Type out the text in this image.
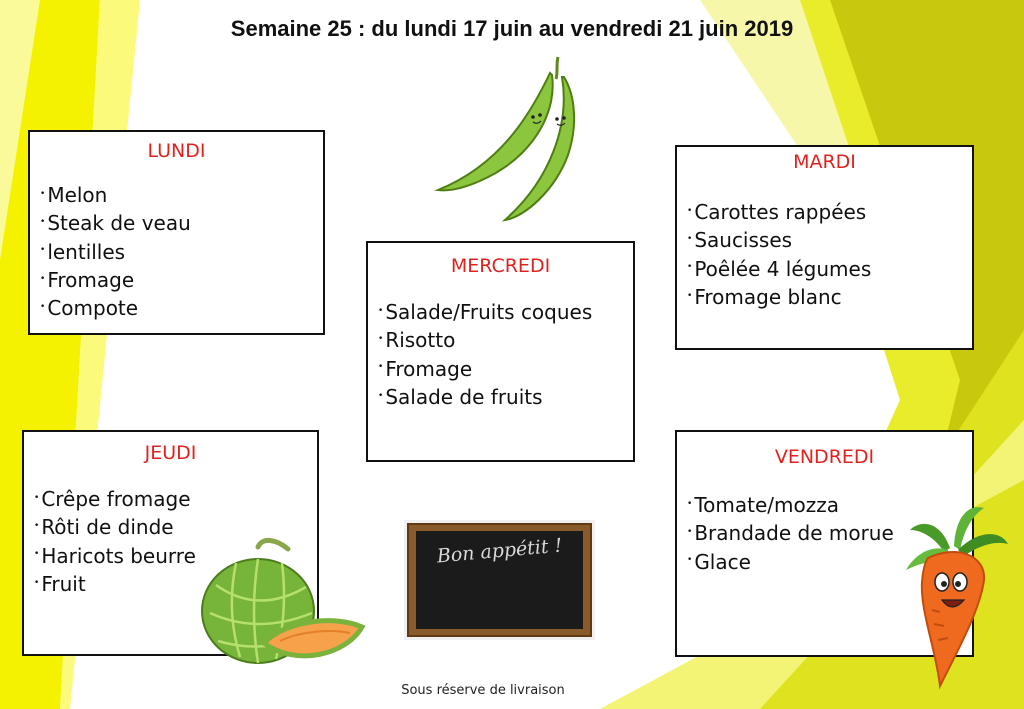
Semaine 25 : du lundi 17 juin au vendredi 21 juin 2019
LUNDI
• Melon
• Steak de veau
• lentilles
• Fromage
• Compote
MARDI
• Carottes rappées
• Saucisses
• Poêlée 4 légumes
• Fromage blanc
MERCREDI
• Salade/Fruits coques
• Risotto
• Fromage
• Salade de fruits
JEUDI
• Crêpe fromage
• Rôti de dinde
• Haricots beurre
• Fruit
VENDREDI
• Tomate/mozza
• Brandade de morue
• Glace
Bon appétit !
Sous réserve de livraison
